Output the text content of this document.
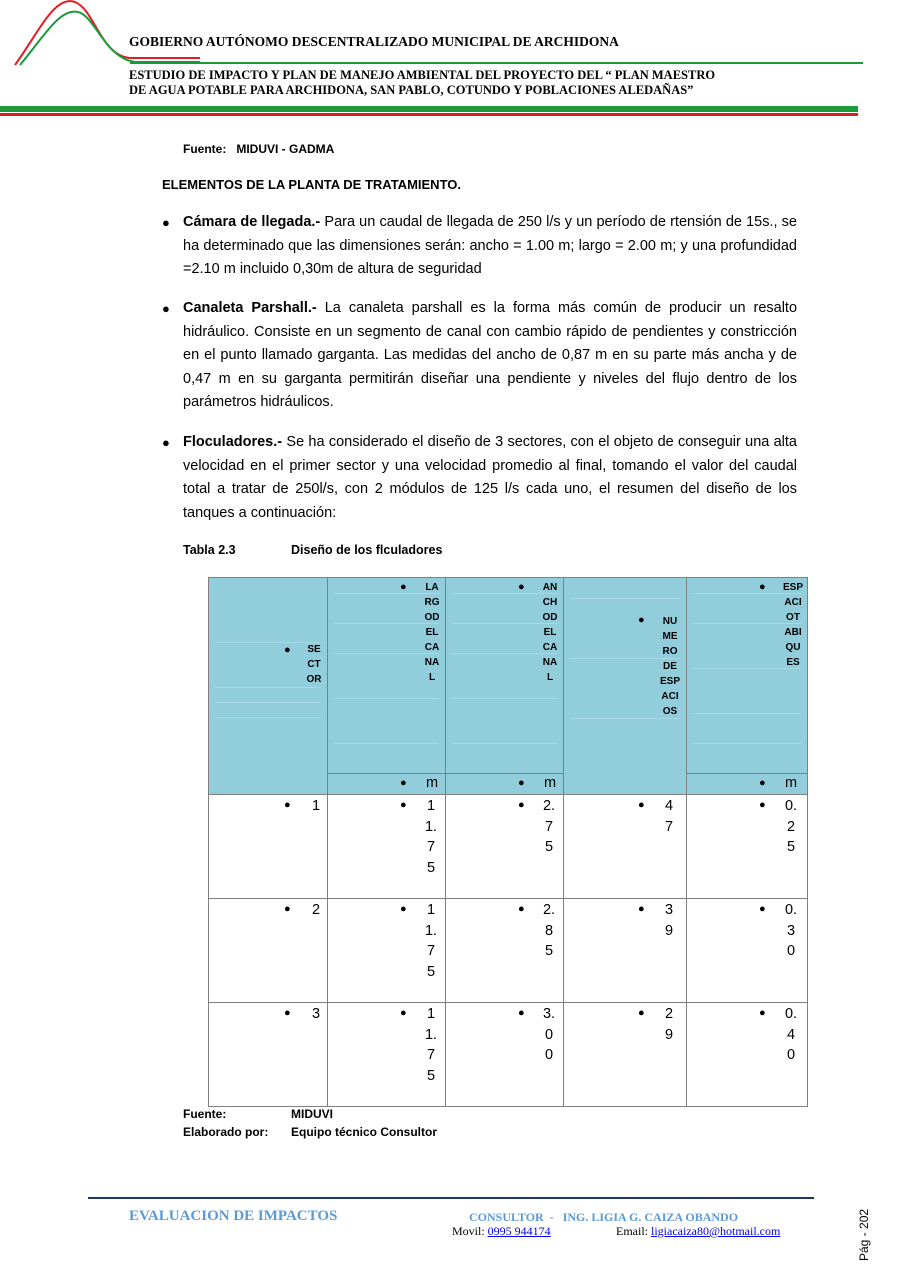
GOBIERNO AUTÓNOMO DESCENTRALIZADO MUNICIPAL DE ARCHIDONA
ESTUDIO DE IMPACTO Y PLAN DE MANEJO AMBIENTAL DEL PROYECTO DEL “ PLAN MAESTRO
DE AGUA POTABLE PARA ARCHIDONA, SAN PABLO, COTUNDO Y POBLACIONES ALEDAÑAS”
Fuente:   MIDUVI - GADMA
ELEMENTOS DE LA PLANTA DE TRATAMIENTO.
● Cámara de llegada.- Para un caudal de llegada de 250 l/s y un período de rtensión de 15s., se ha determinado que las dimensiones serán: ancho = 1.00 m; largo = 2.00 m; y una profundidad =2.10 m incluido 0,30m de altura de seguridad
● Canaleta Parshall.- La canaleta parshall es la forma más común de producir un resalto hidráulico. Consiste en un segmento de canal con cambio rápido de pendientes y constricción en el punto llamado garganta. Las medidas del ancho de 0,87 m en su parte más ancha y de 0,47 m en su garganta permitirán diseñar una pendiente y niveles del flujo dentro de los parámetros hidráulicos.
● Floculadores.- Se ha considerado el diseño de 3 sectores, con el objeto de conseguir una alta velocidad en el primer sector y una velocidad promedio al final, tomando el valor del caudal total a tratar de 250l/s, con 2 módulos de 125 l/s cada uno, el resumen del diseño de los tanques a continuación:
Tabla 2.3	Diseño de los flculadores
● SECTOR	● LARGODELCANAL	● ANCHODELCANAL	● NUMERODEESPACIOS	● ESPACIOTABIQUES

	● m	● m		● m

● 1	● 11.75	● 2.75	● 47	● 0.25

● 2	● 11.75	● 2.85	● 39	● 0.30

● 3	● 11.75	● 3.00	● 29	● 0.40
Fuente:	MIDUVI
Elaborado por: Equipo técnico Consultor
EVALUACION DE IMPACTOS	CONSULTOR  -   ING. LIGIA G. CAIZA OBANDO
Movil: 0995 944174	Email: ligiacaiza80@hotmail.com	Pág - 202
